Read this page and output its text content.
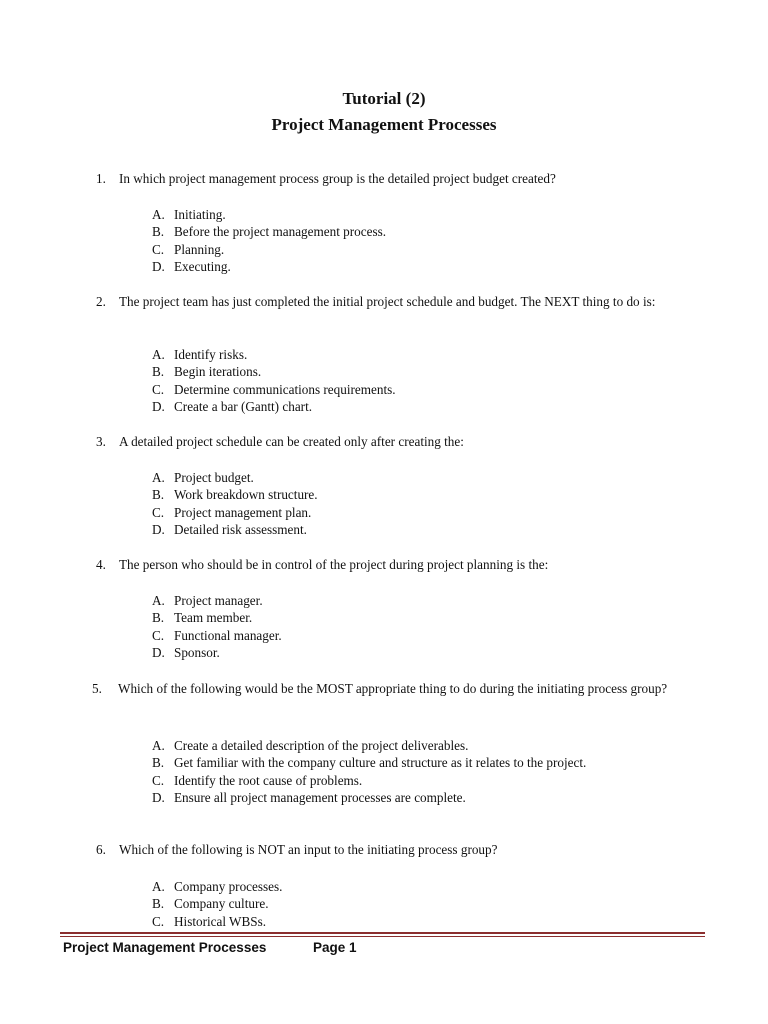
Tutorial (2)
Project Management Processes
1. In which project management process group is the detailed project budget created?
A. Initiating.
B. Before the project management process.
C. Planning.
D. Executing.
2. The project team has just completed the initial project schedule and budget. The NEXT thing to do is:
A. Identify risks.
B. Begin iterations.
C. Determine communications requirements.
D. Create a bar (Gantt) chart.
3. A detailed project schedule can be created only after creating the:
A. Project budget.
B. Work breakdown structure.
C. Project management plan.
D. Detailed risk assessment.
4. The person who should be in control of the project during project planning is the:
A. Project manager.
B. Team member.
C. Functional manager.
D. Sponsor.
5. Which of the following would be the MOST appropriate thing to do during the initiating process group?
A. Create a detailed description of the project deliverables.
B. Get familiar with the company culture and structure as it relates to the project.
C. Identify the root cause of problems.
D. Ensure all project management processes are complete.
6. Which of the following is NOT an input to the initiating process group?
A. Company processes.
B. Company culture.
C. Historical WBSs.
Project Management Processes	Page 1
